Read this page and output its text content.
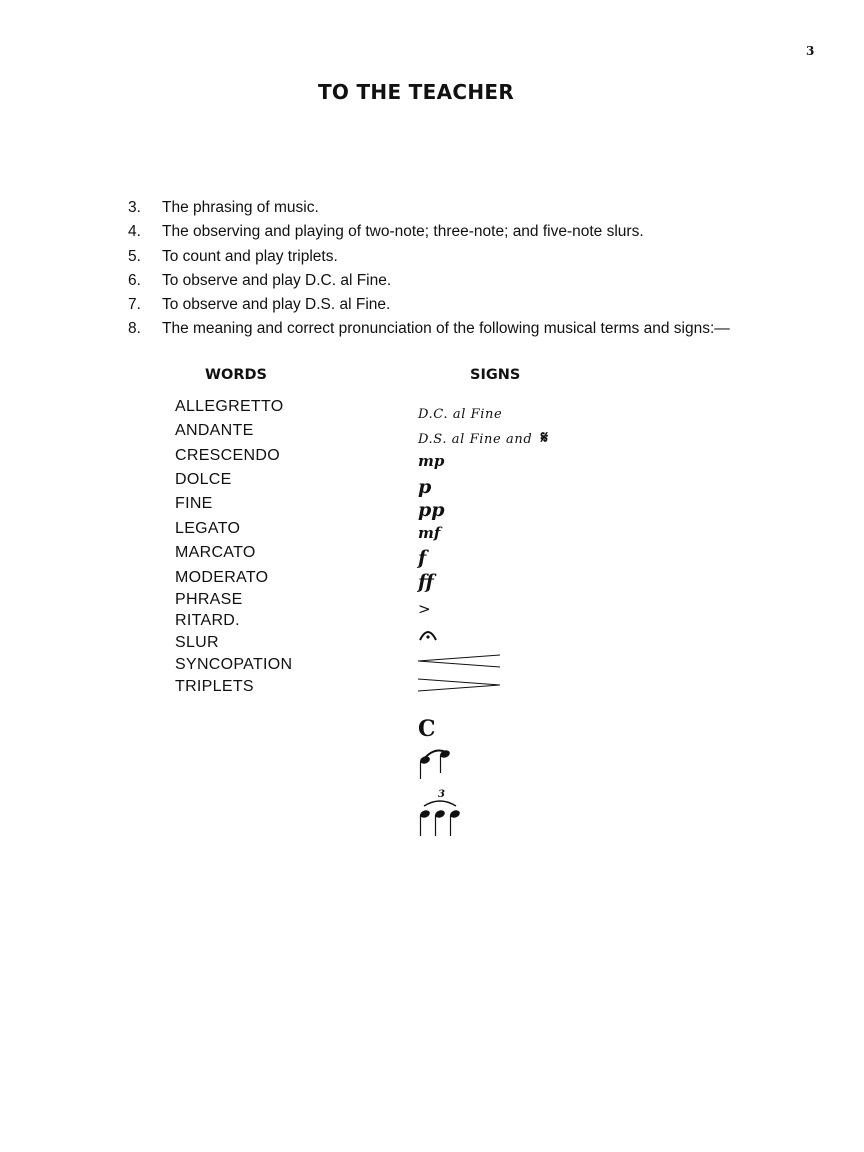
3
TO THE TEACHER
3. The phrasing of music.
4. The observing and playing of two-note; three-note; and five-note slurs.
5. To count and play triplets.
6. To observe and play D.C. al Fine.
7. To observe and play D.S. al Fine.
8. The meaning and correct pronunciation of the following musical terms and signs:—
WORDS	SIGNS
ALLEGRETTO
ANDANTE
CRESCENDO
DOLCE
FINE
LEGATO
MARCATO
MODERATO
PHRASE
RITARD.
SLUR
SYNCOPATION
TRIPLETS
D.C. al Fine
D.S. al Fine and 𝄋
mp
p
pp
mf
f
ff
>
C
3
